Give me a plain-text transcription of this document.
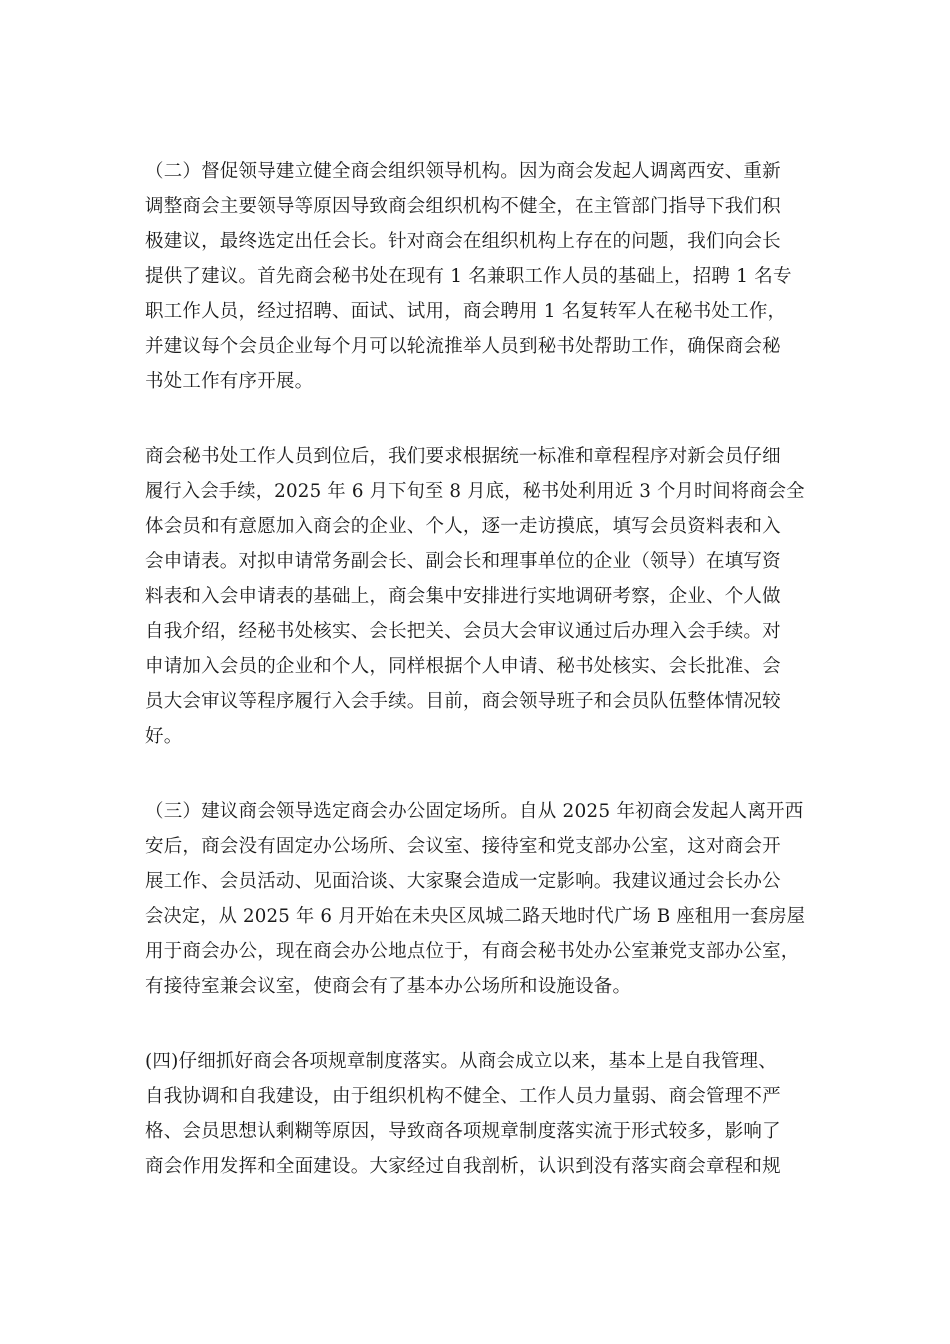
（二）督促领导建立健全商会组织领导机构。因为商会发起人调离西安、重新
调整商会主要领导等原因导致商会组织机构不健全，在主管部门指导下我们积
极建议，最终选定出任会长。针对商会在组织机构上存在的问题，我们向会长
提供了建议。首先商会秘书处在现有 1 名兼职工作人员的基础上，招聘 1 名专
职工作人员，经过招聘、面试、试用，商会聘用 1 名复转军人在秘书处工作，
并建议每个会员企业每个月可以轮流推举人员到秘书处帮助工作，确保商会秘
书处工作有序开展。
商会秘书处工作人员到位后，我们要求根据统一标准和章程程序对新会员仔细
履行入会手续，2025 年 6 月下旬至 8 月底，秘书处利用近 3 个月时间将商会全
体会员和有意愿加入商会的企业、个人，逐一走访摸底，填写会员资料表和入
会申请表。对拟申请常务副会长、副会长和理事单位的企业（领导）在填写资
料表和入会申请表的基础上，商会集中安排进行实地调研考察，企业、个人做
自我介绍，经秘书处核实、会长把关、会员大会审议通过后办理入会手续。对
申请加入会员的企业和个人，同样根据个人申请、秘书处核实、会长批准、会
员大会审议等程序履行入会手续。目前，商会领导班子和会员队伍整体情况较
好。
（三）建议商会领导选定商会办公固定场所。自从 2025 年初商会发起人离开西
安后，商会没有固定办公场所、会议室、接待室和党支部办公室，这对商会开
展工作、会员活动、见面洽谈、大家聚会造成一定影响。我建议通过会长办公
会决定，从 2025 年 6 月开始在未央区凤城二路天地时代广场 B 座租用一套房屋
用于商会办公，现在商会办公地点位于，有商会秘书处办公室兼党支部办公室，
有接待室兼会议室，使商会有了基本办公场所和设施设备。
(四)仔细抓好商会各项规章制度落实。从商会成立以来，基本上是自我管理、
自我协调和自我建设，由于组织机构不健全、工作人员力量弱、商会管理不严
格、会员思想认剩糊等原因，导致商各项规章制度落实流于形式较多，影响了
商会作用发挥和全面建设。大家经过自我剖析，认识到没有落实商会章程和规
